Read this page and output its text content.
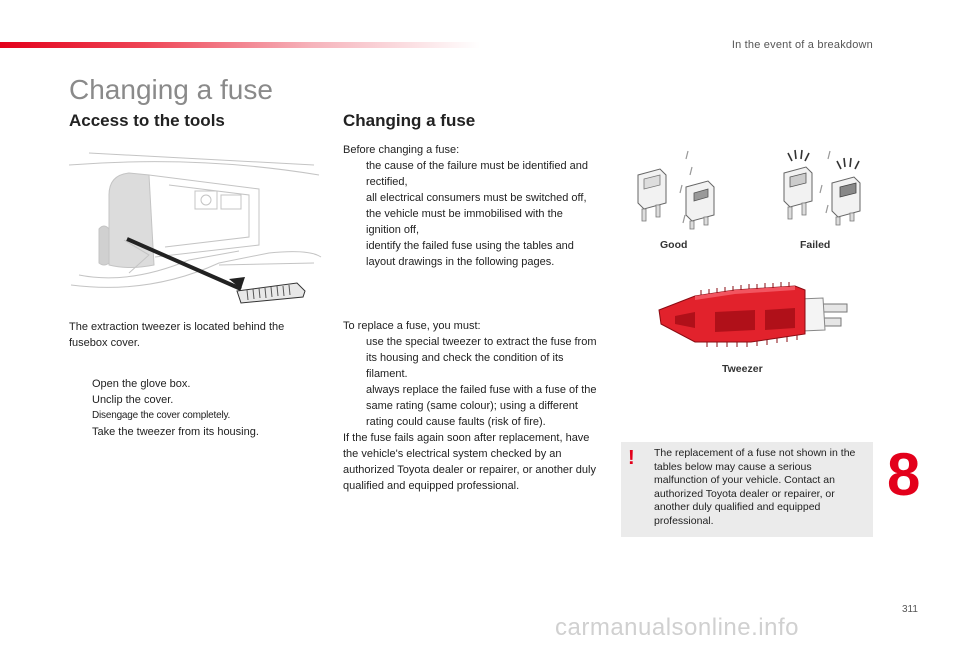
In the event of a breakdown
Changing a fuse
Access to the tools

The extraction tweezer is located behind the fusebox cover.

Open the glove box.
Unclip the cover.
Disengage the cover completely.
Take the tweezer from its housing.
Changing a fuse

Before changing a fuse:

the cause of the failure must be identified and rectified,
all electrical consumers must be switched off,
the vehicle must be immobilised with the ignition off,
identify the failed fuse using the tables and layout drawings in the following pages.

To replace a fuse, you must:

use the special tweezer to extract the fuse from its housing and check the condition of its filament.
always replace the failed fuse with a fuse of the same rating (same colour); using a different rating could cause faults (risk of fire).

If the fuse fails again soon after replacement, have the vehicle's electrical system checked by an authorized Toyota dealer or repairer, or another duly qualified and equipped professional.

Good	Failed
Tweezer
! The replacement of a fuse not shown in the tables below may cause a serious malfunction of your vehicle. Contact an authorized Toyota dealer or repairer, or another duly qualified and equipped professional.
8
311
carmanualsonline.info
